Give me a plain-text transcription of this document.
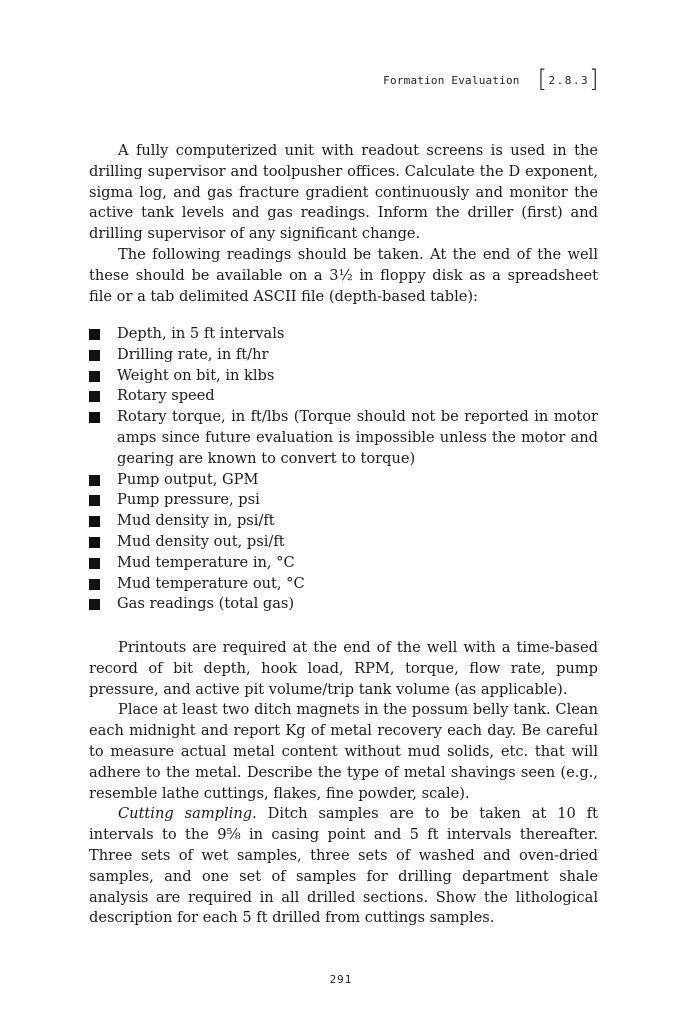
Formation Evaluation [ 2.8.3 ]

A fully computerized unit with readout screens is used in the drilling supervisor and toolpusher offices. Calculate the D exponent, sigma log, and gas fracture gradient continuously and monitor the active tank levels and gas readings. Inform the driller (first) and drilling supervisor of any significant change.

The following readings should be taken. At the end of the well these should be available on a 3½ in floppy disk as a spreadsheet file or a tab delimited ASCII file (depth-based table):

Depth, in 5 ft intervals
Drilling rate, in ft/hr
Weight on bit, in klbs
Rotary speed
Rotary torque, in ft/lbs (Torque should not be reported in motor amps since future evaluation is impossible unless the motor and gearing are known to convert to torque)
Pump output, GPM
Pump pressure, psi
Mud density in, psi/ft
Mud density out, psi/ft
Mud temperature in, °C
Mud temperature out, °C
Gas readings (total gas)

Printouts are required at the end of the well with a time-based record of bit depth, hook load, RPM, torque, flow rate, pump pressure, and active pit volume/trip tank volume (as applicable).

Place at least two ditch magnets in the possum belly tank. Clean each midnight and report Kg of metal recovery each day. Be careful to measure actual metal content without mud solids, etc. that will adhere to the metal. Describe the type of metal shavings seen (e.g., resemble lathe cuttings, flakes, fine powder, scale).

Cutting sampling. Ditch samples are to be taken at 10 ft intervals to the 9⅝ in casing point and 5 ft intervals thereafter. Three sets of wet samples, three sets of washed and oven-dried samples, and one set of samples for drilling department shale analysis are required in all drilled sections. Show the lithological description for each 5 ft drilled from cuttings samples.

291
